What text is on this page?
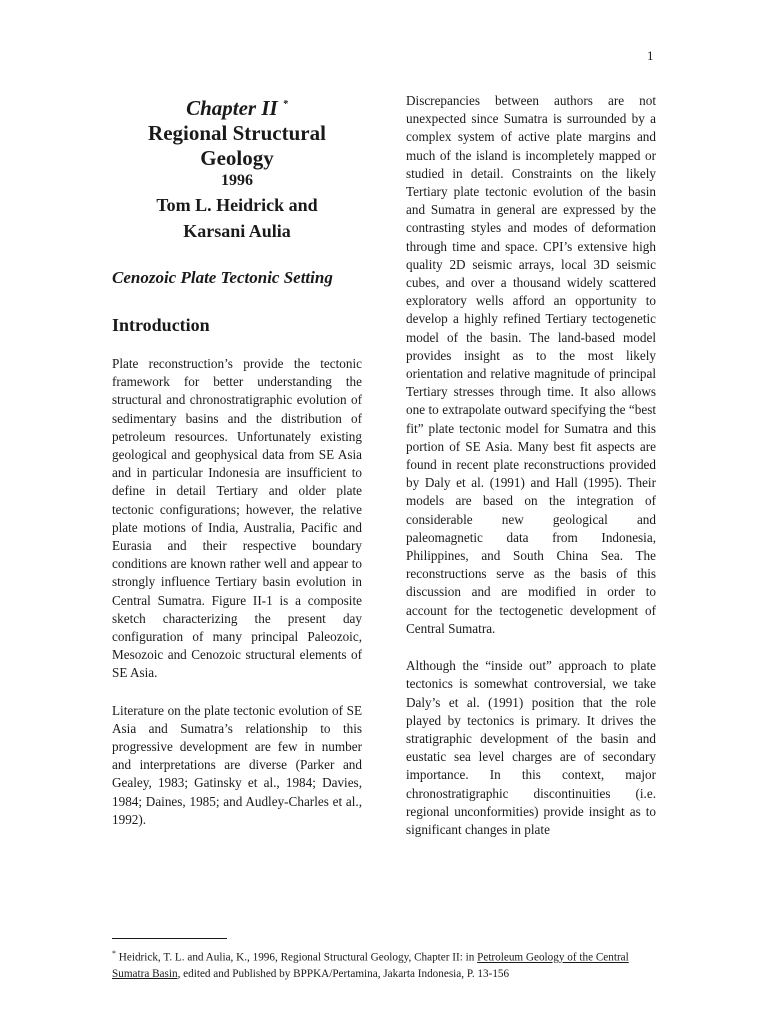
1
Chapter II *
Regional Structural
Geology
1996
Tom L. Heidrick and
Karsani Aulia
Cenozoic Plate Tectonic Setting
Introduction

Plate reconstruction’s provide the tectonic framework for better understanding the structural and chronostratigraphic evolution of sedimentary basins and the distribution of petroleum resources. Unfortunately existing geological and geophysical data from SE Asia and in particular Indonesia are insufficient to define in detail Tertiary and older plate tectonic configurations; however, the relative plate motions of India, Australia, Pacific and Eurasia and their respective boundary conditions are known rather well and appear to strongly influence Tertiary basin evolution in Central Sumatra. Figure II-1 is a composite sketch characterizing the present day configuration of many principal Paleozoic, Mesozoic and Cenozoic structural elements of SE Asia.

Literature on the plate tectonic evolution of SE Asia and Sumatra’s relationship to this progressive development are few in number and interpretations are diverse (Parker and Gealey, 1983; Gatinsky et al., 1984; Davies, 1984; Daines, 1985; and Audley-Charles et al., 1992).

Discrepancies between authors are not unexpected since Sumatra is surrounded by a complex system of active plate margins and much of the island is incompletely mapped or studied in detail. Constraints on the likely Tertiary plate tectonic evolution of the basin and Sumatra in general are expressed by the contrasting styles and modes of deformation through time and space. CPI’s extensive high quality 2D seismic arrays, local 3D seismic cubes, and over a thousand widely scattered exploratory wells afford an opportunity to develop a highly refined Tertiary tectogenetic model of the basin. The land-based model provides insight as to the most likely orientation and relative magnitude of principal Tertiary stresses through time. It also allows one to extrapolate outward specifying the “best fit” plate tectonic model for Sumatra and this portion of SE Asia. Many best fit aspects are found in recent plate reconstructions provided by Daly et al. (1991) and Hall (1995). Their models are based on the integration of considerable new geological and paleomagnetic data from Indonesia, Philippines, and South China Sea. The reconstructions serve as the basis of this discussion and are modified in order to account for the tectogenetic development of Central Sumatra.

Although the “inside out” approach to plate tectonics is somewhat controversial, we take Daly’s et al. (1991) position that the role played by tectonics is primary. It drives the stratigraphic development of the basin and eustatic sea level charges are of secondary importance. In this context, major chronostratigraphic discontinuities (i.e. regional unconformities) provide insight as to significant changes in plate

* Heidrick, T. L. and Aulia, K., 1996, Regional Structural Geology, Chapter II: in Petroleum Geology of the Central Sumatra Basin, edited and Published by BPPKA/Pertamina, Jakarta Indonesia, P. 13-156
